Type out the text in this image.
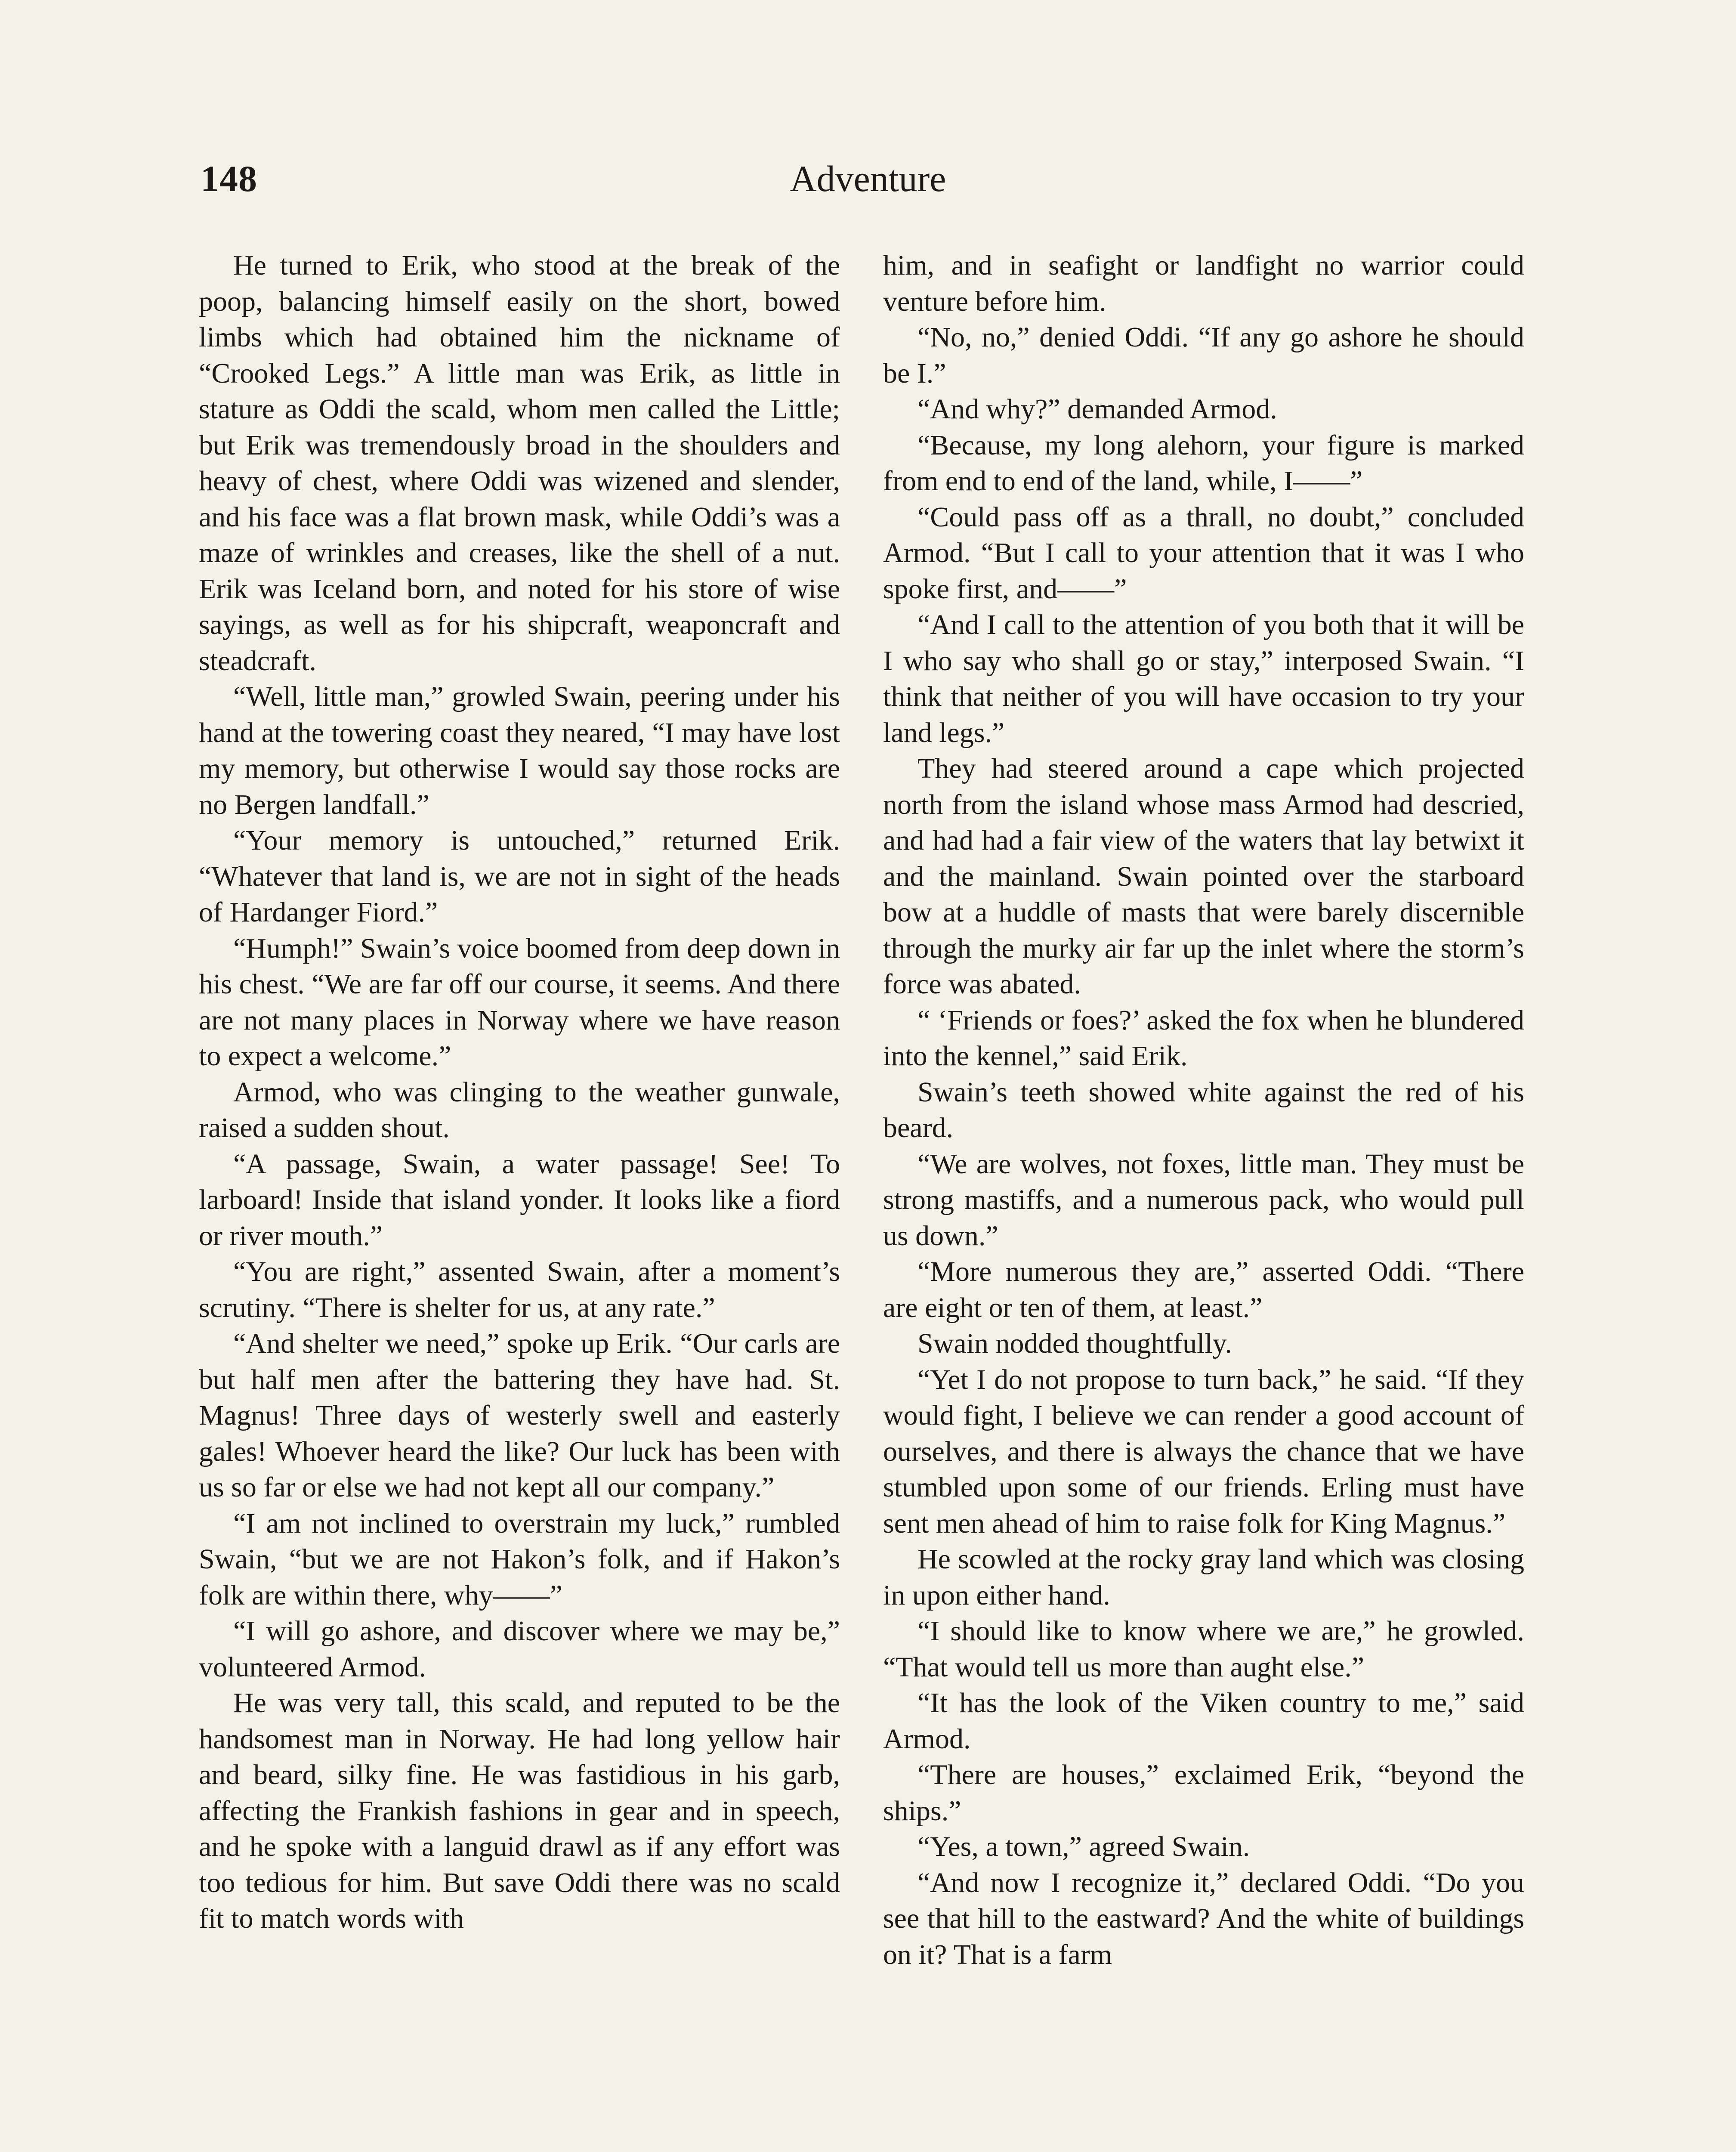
148	Adventure

He turned to Erik, who stood at the break of the poop, balancing himself easily on the short, bowed limbs which had obtained him the nickname of “Crooked Legs.” A little man was Erik, as little in stature as Oddi the scald, whom men called the Little; but Erik was tremendously broad in the shoulders and heavy of chest, where Oddi was wizened and slender, and his face was a flat brown mask, while Oddi’s was a maze of wrinkles and creases, like the shell of a nut. Erik was Iceland born, and noted for his store of wise sayings, as well as for his shipcraft, weaponcraft and steadcraft.

“Well, little man,” growled Swain, peering under his hand at the towering coast they neared, “I may have lost my memory, but otherwise I would say those rocks are no Bergen landfall.”

“Your memory is untouched,” returned Erik. “Whatever that land is, we are not in sight of the heads of Hardanger Fiord.”

“Humph!” Swain’s voice boomed from deep down in his chest. “We are far off our course, it seems. And there are not many places in Norway where we have reason to expect a welcome.”

Armod, who was clinging to the weather gunwale, raised a sudden shout.

“A passage, Swain, a water passage! See! To larboard! Inside that island yonder. It looks like a fiord or river mouth.”

“You are right,” assented Swain, after a moment’s scrutiny. “There is shelter for us, at any rate.”

“And shelter we need,” spoke up Erik. “Our carls are but half men after the battering they have had. St. Magnus! Three days of westerly swell and easterly gales! Whoever heard the like? Our luck has been with us so far or else we had not kept all our company.”

“I am not inclined to overstrain my luck,” rumbled Swain, “but we are not Hakon’s folk, and if Hakon’s folk are within there, why——”

“I will go ashore, and discover where we may be,” volunteered Armod.

He was very tall, this scald, and reputed to be the handsomest man in Norway. He had long yellow hair and beard, silky fine. He was fastidious in his garb, affecting the Frankish fashions in gear and in speech, and he spoke with a languid drawl as if any effort was too tedious for him. But save Oddi there was no scald fit to match words with

him, and in seafight or landfight no warrior could venture before him.

“No, no,” denied Oddi. “If any go ashore he should be I.”

“And why?” demanded Armod.

“Because, my long alehorn, your figure is marked from end to end of the land, while, I——”

“Could pass off as a thrall, no doubt,” concluded Armod. “But I call to your attention that it was I who spoke first, and——”

“And I call to the attention of you both that it will be I who say who shall go or stay,” interposed Swain. “I think that neither of you will have occasion to try your land legs.”

They had steered around a cape which projected north from the island whose mass Armod had descried, and had had a fair view of the waters that lay betwixt it and the mainland. Swain pointed over the starboard bow at a huddle of masts that were barely discernible through the murky air far up the inlet where the storm’s force was abated.

“ ‘Friends or foes?’ asked the fox when he blundered into the kennel,” said Erik.

Swain’s teeth showed white against the red of his beard.

“We are wolves, not foxes, little man. They must be strong mastiffs, and a numerous pack, who would pull us down.”

“More numerous they are,” asserted Oddi. “There are eight or ten of them, at least.”

Swain nodded thoughtfully.

“Yet I do not propose to turn back,” he said. “If they would fight, I believe we can render a good account of ourselves, and there is always the chance that we have stumbled upon some of our friends. Erling must have sent men ahead of him to raise folk for King Magnus.”

He scowled at the rocky gray land which was closing in upon either hand.

“I should like to know where we are,” he growled. “That would tell us more than aught else.”

“It has the look of the Viken country to me,” said Armod.

“There are houses,” exclaimed Erik, “beyond the ships.”

“Yes, a town,” agreed Swain.

“And now I recognize it,” declared Oddi. “Do you see that hill to the eastward? And the white of buildings on it? That is a farm
